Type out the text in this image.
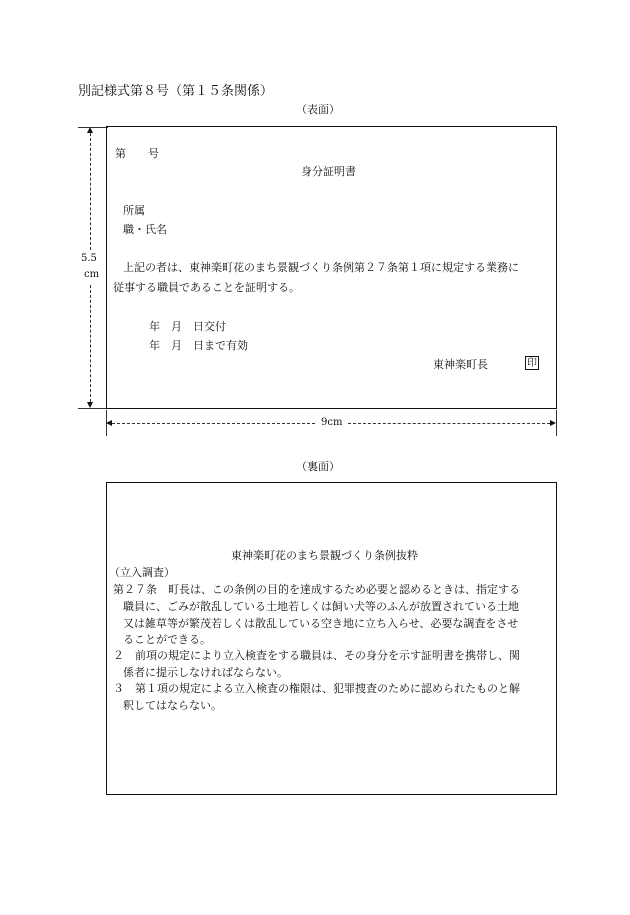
別記様式第８号（第１５条関係）
（表面）
5.5
cm
第　　号
身分証明書
所属
職・氏名
上記の者は、東神楽町花のまち景観づくり条例第２７条第１項に規定する業務に
従事する職員であることを証明する。
年　月　日交付
年　月　日まで有効
東神楽町長	印
9cm
（裏面）
東神楽町花のまち景観づくり条例抜粋
（立入調査）
第２７条　町長は、この条例の目的を達成するため必要と認めるときは、指定する
職員に、ごみが散乱している土地若しくは飼い犬等のふんが放置されている土地
又は雑草等が繁茂若しくは散乱している空き地に立ち入らせ、必要な調査をさせ
ることができる。
２　前項の規定により立入検査をする職員は、その身分を示す証明書を携帯し、関
係者に提示しなければならない。
３　第１項の規定による立入検査の権限は、犯罪捜査のために認められたものと解
釈してはならない。
